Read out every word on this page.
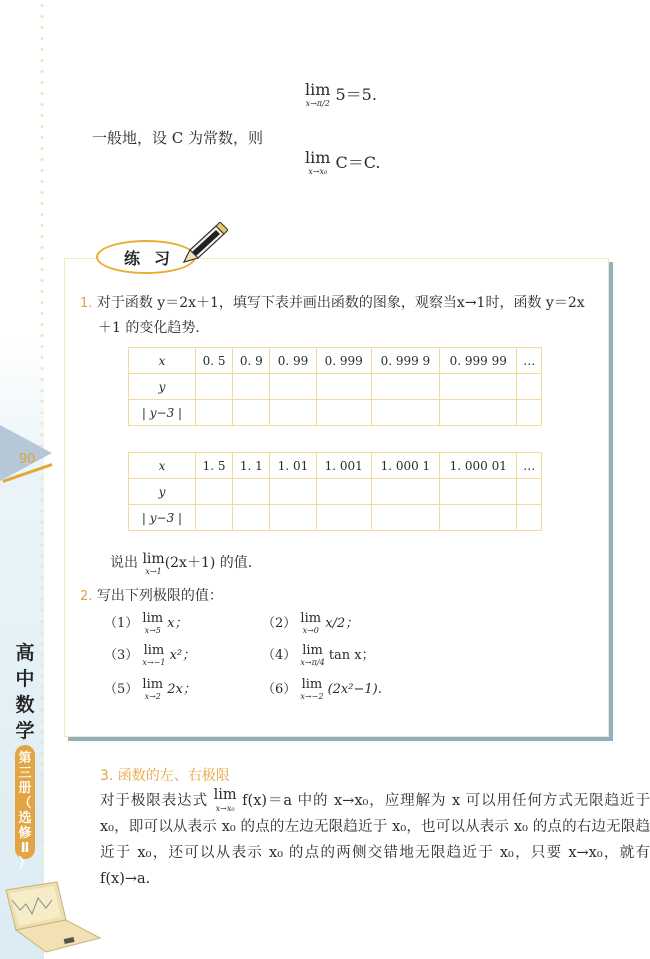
90
高
中
数
学
第
三
册
（
选
修
Ⅱ
）
lim
x→π/2 5＝5.
一般地，设 C 为常数，则
lim
x→x₀ C＝C.
练习
1. 对于函数 y＝2x＋1，填写下表并画出函数的图象，观察当x→1时，函数 y＝2x
＋1 的变化趋势.
x	0. 5	0. 9	0. 99	0. 999	0. 999 9	0. 999 99	…
y							
| y−3 |							
x	1. 5	1. 1	1. 01	1. 001	1. 000 1	1. 000 01	…
y							
| y−3 |							
说出 lim
x→1
(2x＋1) 的值.
2. 写出下列极限的值：
（1） lim
x→5 x；	（2） lim
x→0 x/2；
（3） lim
x→−1 x²；	（4） lim
x→π/4 tan x；
（5） lim
x→2 2x；	（6） lim
x→−2 (2x²−1).
3. 函数的左、右极限
对于极限表达式 lim
x→x₀ f(x)＝a 中的 x→x₀，应理解为 x 可以用任何方式无限趋近于 x₀，即可以从表示 x₀ 的点的左边无限趋近于 x₀，也可以从表示 x₀ 的点的右边无限趋近于 x₀，还可以从表示 x₀ 的点的两侧交错地无限趋近于 x₀，只要 x→x₀，就有 f(x)→a.
